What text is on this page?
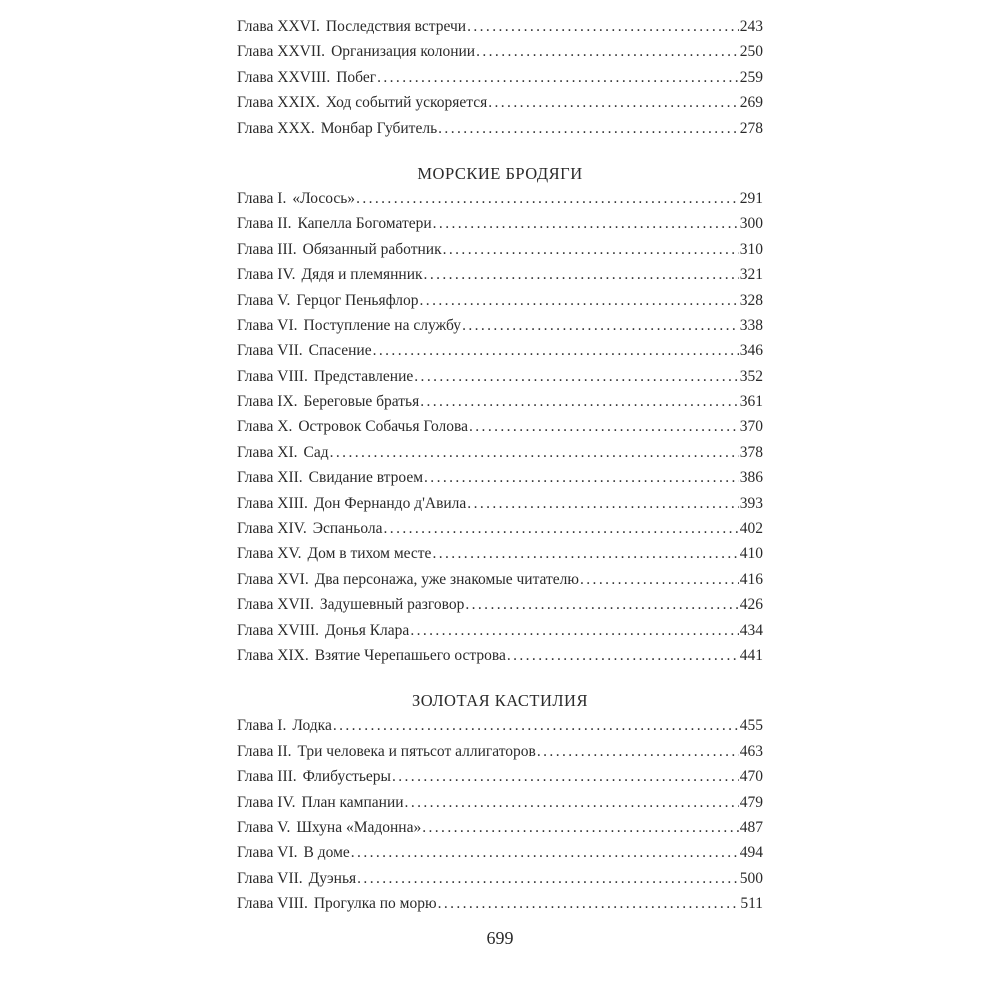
Глава XXVI. Последствия встречи .....	243
Глава XXVII. Организация колонии .....	250
Глава XXVIII. Побег .....	259
Глава XXIX. Ход событий ускоряется .....	269
Глава XXX. Монбар Губитель .....	278
МОРСКИЕ БРОДЯГИ
Глава I. «Лосось» .....	291
Глава II. Капелла Богоматери .....	300
Глава III. Обязанный работник .....	310
Глава IV. Дядя и племянник .....	321
Глава V. Герцог Пеньяфлор .....	328
Глава VI. Поступление на службу .....	338
Глава VII. Спасение .....	346
Глава VIII. Представление .....	352
Глава IX. Береговые братья .....	361
Глава X. Островок Собачья Голова .....	370
Глава XI. Сад .....	378
Глава XII. Свидание втроем .....	386
Глава XIII. Дон Фернандо д'Авила .....	393
Глава XIV. Эспаньола .....	402
Глава XV. Дом в тихом месте .....	410
Глава XVI. Два персонажа, уже знакомые читателю .....	416
Глава XVII. Задушевный разговор .....	426
Глава XVIII. Донья Клара .....	434
Глава XIX. Взятие Черепашьего острова .....	441
ЗОЛОТАЯ КАСТИЛИЯ
Глава I. Лодка .....	455
Глава II. Три человека и пятьсот аллигаторов .....	463
Глава III. Флибустьеры .....	470
Глава IV. План кампании .....	479
Глава V. Шхуна «Мадонна» .....	487
Глава VI. В доме .....	494
Глава VII. Дуэнья .....	500
Глава VIII. Прогулка по морю .....	511
699
